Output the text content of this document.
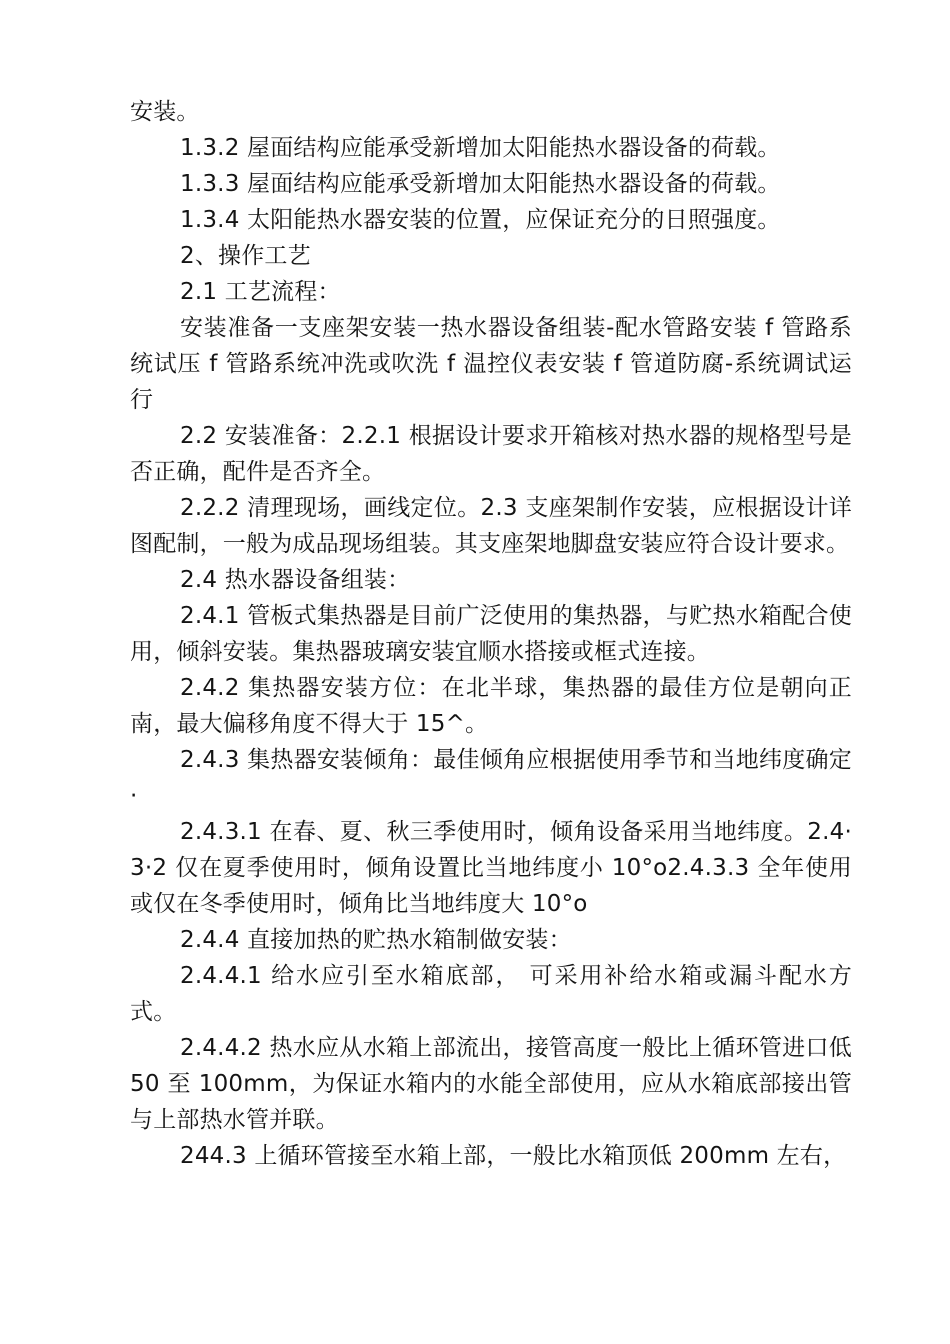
安装。

1.3.2 屋面结构应能承受新增加太阳能热水器设备的荷载。

1.3.3 屋面结构应能承受新增加太阳能热水器设备的荷载。

1.3.4 太阳能热水器安装的位置，应保证充分的日照强度。

2、操作工艺

2.1 工艺流程：

安装准备一支座架安装一热水器设备组装-配水管路安装 f 管路系统试压 f 管路系统冲洗或吹洗 f 温控仪表安装 f 管道防腐-系统调试运行

2.2 安装准备：2.2.1 根据设计要求开箱核对热水器的规格型号是否正确，配件是否齐全。

2.2.2 清理现场，画线定位。2.3 支座架制作安装，应根据设计详图配制，一般为成品现场组装。其支座架地脚盘安装应符合设计要求。

2.4 热水器设备组装：

2.4.1 管板式集热器是目前广泛使用的集热器，与贮热水箱配合使用，倾斜安装。集热器玻璃安装宜顺水搭接或框式连接。

2.4.2 集热器安装方位：在北半球，集热器的最佳方位是朝向正南，最大偏移角度不得大于 15^。

2.4.3 集热器安装倾角：最佳倾角应根据使用季节和当地纬度确定·

2.4.3.1 在春、夏、秋三季使用时，倾角设备采用当地纬度。2.4·3·2 仅在夏季使用时，倾角设置比当地纬度小 10°o2.4.3.3 全年使用或仅在冬季使用时，倾角比当地纬度大 10°o

2.4.4 直接加热的贮热水箱制做安装：

2.4.4.1 给水应引至水箱底部， 可采用补给水箱或漏斗配水方式。

2.4.4.2 热水应从水箱上部流出，接管高度一般比上循环管进口低 50 至 100mm，为保证水箱内的水能全部使用，应从水箱底部接出管与上部热水管并联。

244.3 上循环管接至水箱上部，一般比水箱顶低 200mm 左右，
